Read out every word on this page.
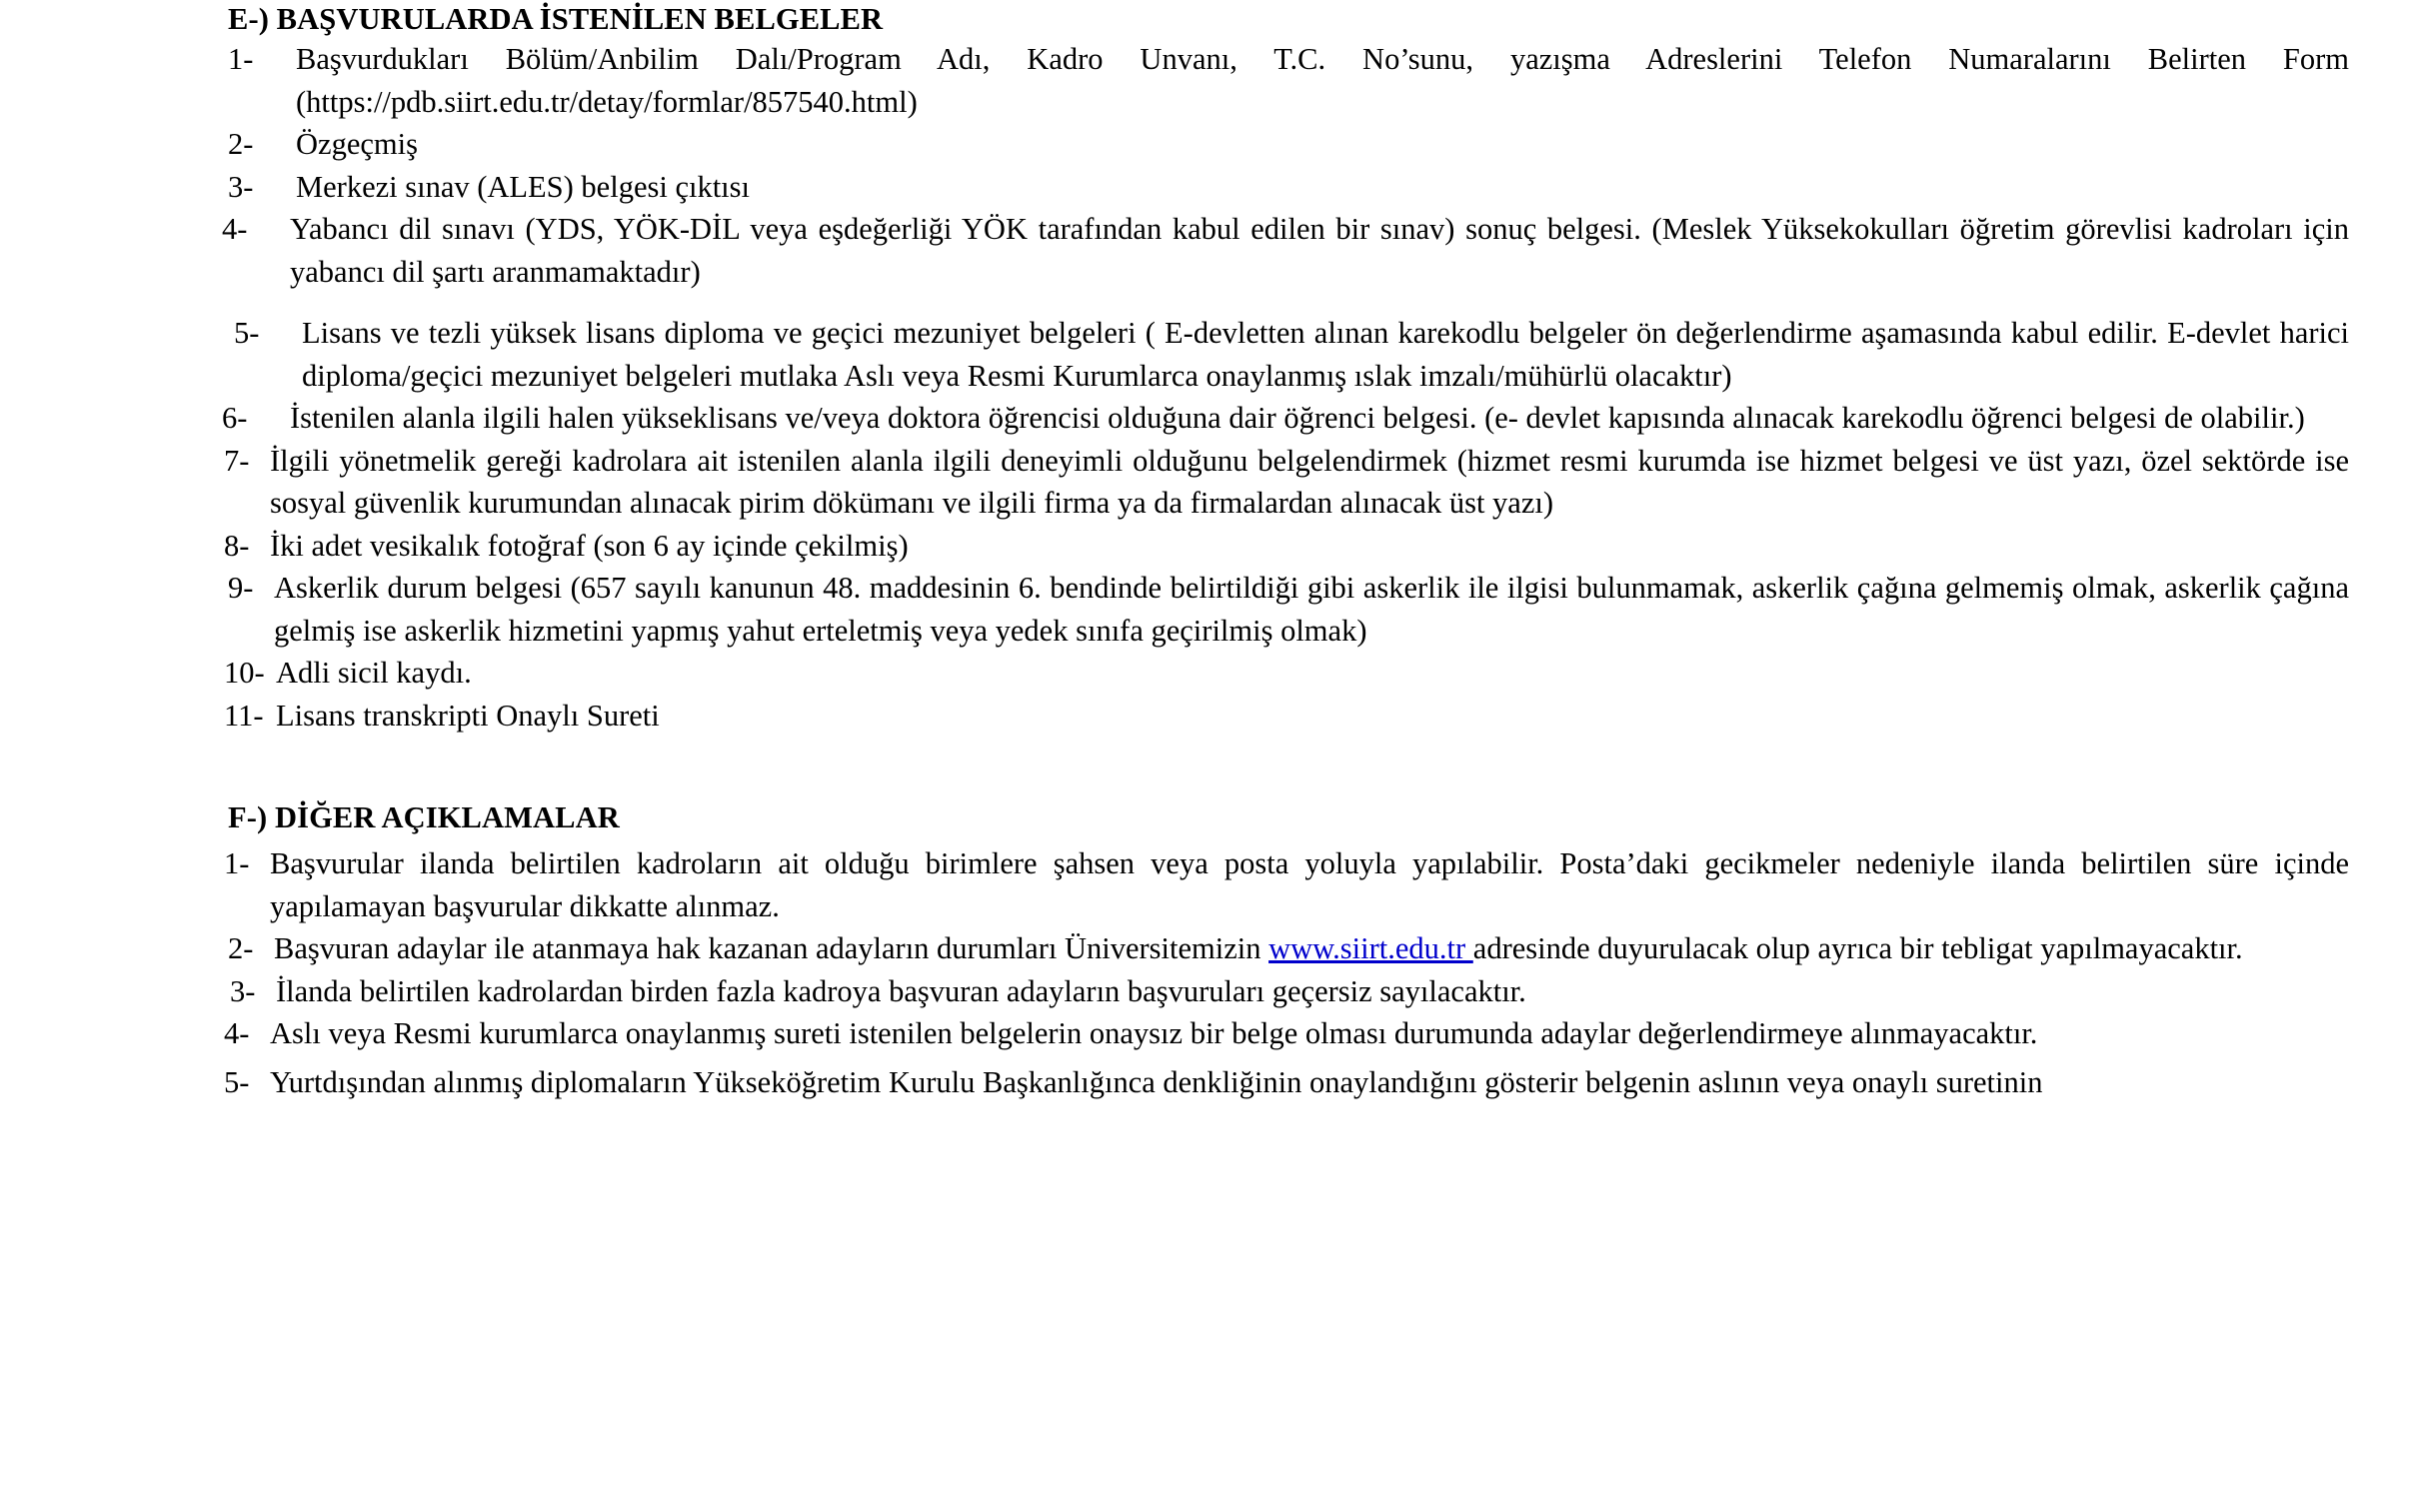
E-) BAŞVURULARDA İSTENİLEN BELGELER
1-	Başvurdukları Bölüm/Anbilim Dalı/Program Adı, Kadro Unvanı, T.C. No’sunu, yazışma Adreslerini Telefon Numaralarını Belirten Form (https://pdb.siirt.edu.tr/detay/formlar/857540.html)
2-	Özgeçmiş
3-	Merkezi sınav (ALES) belgesi çıktısı
4-	Yabancı dil sınavı (YDS, YÖK-DİL veya eşdeğerliği YÖK tarafından kabul edilen bir sınav) sonuç belgesi. (Meslek Yüksekokulları öğretim görevlisi kadroları için yabancı dil şartı aranmamaktadır)
5-	Lisans ve tezli yüksek lisans diploma ve geçici mezuniyet belgeleri ( E-devletten alınan karekodlu belgeler ön değerlendirme aşamasında kabul edilir. E-devlet harici diploma/geçici mezuniyet belgeleri mutlaka Aslı veya Resmi Kurumlarca onaylanmış ıslak imzalı/mühürlü olacaktır)
6-	İstenilen alanla ilgili halen yükseklisans ve/veya doktora öğrencisi olduğuna dair öğrenci belgesi. (e- devlet kapısında alınacak karekodlu öğrenci belgesi de olabilir.)
7- İlgili yönetmelik gereği kadrolara ait istenilen alanla ilgili deneyimli olduğunu belgelendirmek (hizmet resmi kurumda ise hizmet belgesi ve üst yazı, özel sektörde ise sosyal güvenlik kurumundan alınacak pirim dökümanı ve ilgili firma ya da firmalardan alınacak üst yazı)
8- İki adet vesikalık fotoğraf (son 6 ay içinde çekilmiş)
9- Askerlik durum belgesi (657 sayılı kanunun 48. maddesinin 6. bendinde belirtildiği gibi askerlik ile ilgisi bulunmamak, askerlik çağına gelmemiş olmak, askerlik çağına gelmiş ise askerlik hizmetini yapmış yahut erteletmiş veya yedek sınıfa geçirilmiş olmak)
10- Adli sicil kaydı.
11- Lisans transkripti Onaylı Sureti
F-) DİĞER AÇIKLAMALAR
1- Başvurular ilanda belirtilen kadroların ait olduğu birimlere şahsen veya posta yoluyla yapılabilir. Posta’daki gecikmeler nedeniyle ilanda belirtilen süre içinde yapılamayan başvurular dikkatte alınmaz.
2- Başvuran adaylar ile atanmaya hak kazanan adayların durumları Üniversitemizin www.siirt.edu.tr adresinde duyurulacak olup ayrıca bir tebligat yapılmayacaktır.
3- İlanda belirtilen kadrolardan birden fazla kadroya başvuran adayların başvuruları geçersiz sayılacaktır.
4- Aslı veya Resmi kurumlarca onaylanmış sureti istenilen belgelerin onaysız bir belge olması durumunda adaylar değerlendirmeye alınmayacaktır.
5- Yurtdışından alınmış diplomaların Yükseköğretim Kurulu Başkanlığınca denkliğinin onaylandığını gösterir belgenin aslının veya onaylı suretinin
